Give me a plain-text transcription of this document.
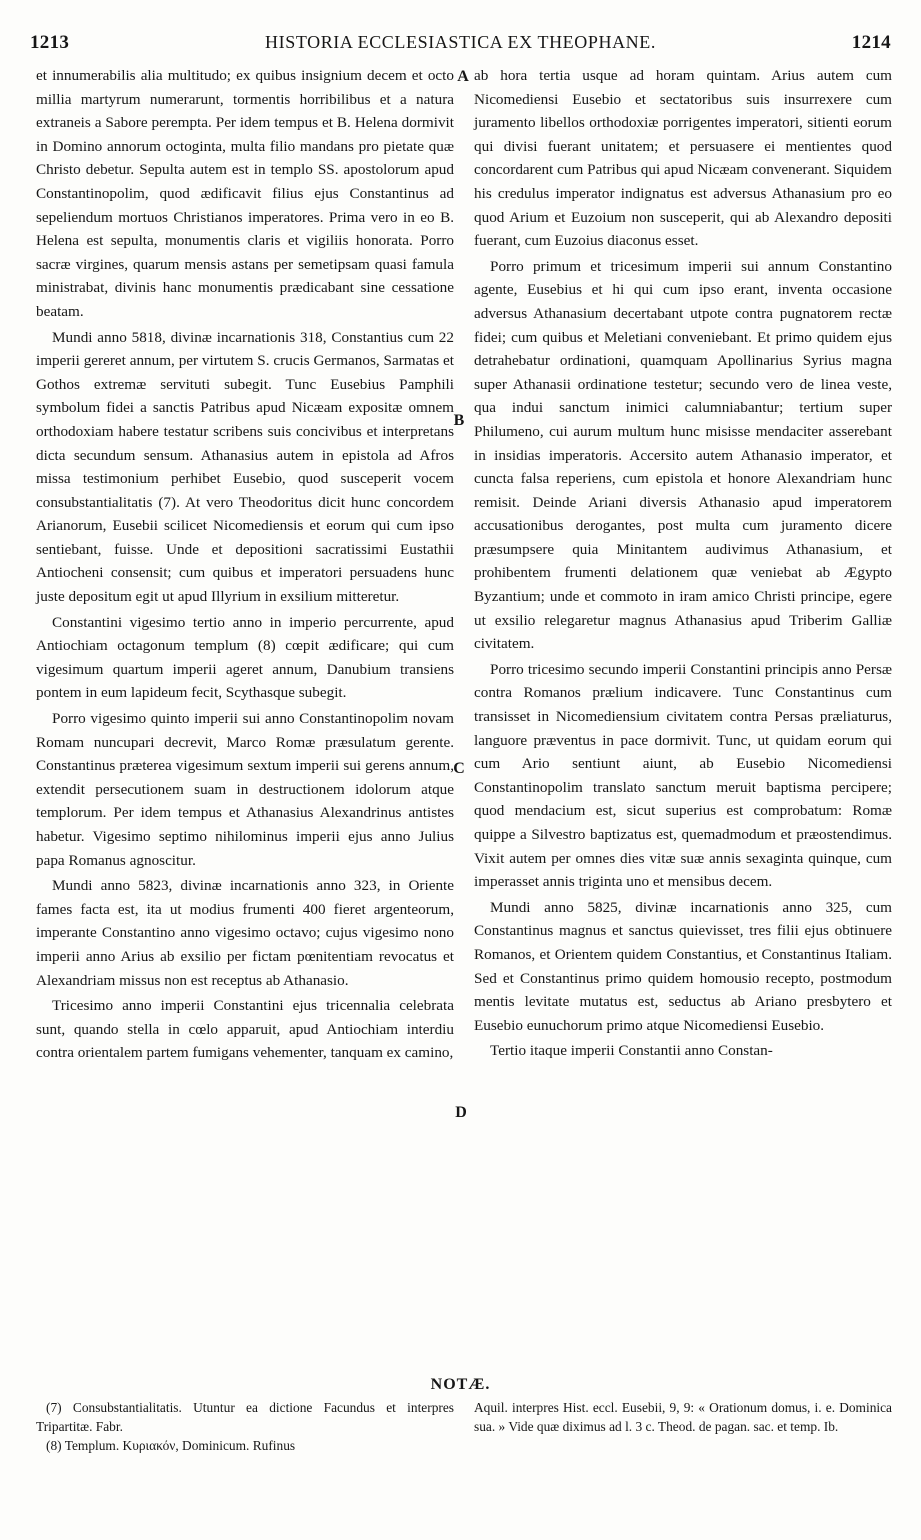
1213	HISTORIA ECCLESIASTICA EX THEOPHANE.	1214

et innumerabilis alia multitudo; ex quibus insignium decem et octo millia martyrum numerarunt, tormentis horribilibus et a natura extraneis a Sabore perempta. Per idem tempus et B. Helena dormivit in Domino annorum octoginta, multa filio mandans pro pietate quæ Christo debetur. Sepulta autem est in templo SS. apostolorum apud Constantinopolim, quod ædificavit filius ejus Constantinus ad sepeliendum mortuos Christianos imperatores. Prima vero in eo B. Helena est sepulta, monumentis claris et vigiliis honorata. Porro sacræ virgines, quarum mensis astans per semetipsam quasi famula ministrabat, divinis hanc monumentis prædicabant sine cessatione beatam.

Mundi anno 5818, divinæ incarnationis 318, Constantius cum 22 imperii gereret annum, per virtutem S. crucis Germanos, Sarmatas et Gothos extremæ servituti subegit. Tunc Eusebius Pamphili symbolum fidei a sanctis Patribus apud Nicæam expositæ omnem orthodoxiam habere testatur scribens suis concivibus et interpretans dicta secundum sensum. Athanasius autem in epistola ad Afros missa testimonium perhibet Eusebio, quod susceperit vocem consubstantialitatis (7). At vero Theodoritus dicit hunc concordem Arianorum, Eusebii scilicet Nicomediensis et eorum qui cum ipso sentiebant, fuisse. Unde et depositioni sacratissimi Eustathii Antiocheni consensit; cum quibus et imperatori persuadens hunc juste depositum egit ut apud Illyrium in exsilium mitteretur.

Constantini vigesimo tertio anno in imperio percurrente, apud Antiochiam octagonum templum (8) cœpit ædificare; qui cum vigesimum quartum imperii ageret annum, Danubium transiens pontem in eum lapideum fecit, Scythasque subegit.

Porro vigesimo quinto imperii sui anno Constantinopolim novam Romam nuncupari decrevit, Marco Romæ præsulatum gerente. Constantinus præterea vigesimum sextum imperii sui gerens annum, extendit persecutionem suam in destructionem idolorum atque templorum. Per idem tempus et Athanasius Alexandrinus antistes habetur. Vigesimo septimo nihilominus imperii ejus anno Julius papa Romanus agnoscitur.

Mundi anno 5823, divinæ incarnationis anno 323, in Oriente fames facta est, ita ut modius frumenti 400 fieret argenteorum, imperante Constantino anno vigesimo octavo; cujus vigesimo nono imperii anno Arius ab exsilio per fictam pœnitentiam revocatus et Alexandriam missus non est receptus ab Athanasio.

Tricesimo anno imperii Constantini ejus tricennalia celebrata sunt, quando stella in cœlo apparuit, apud Antiochiam interdiu contra orientalem partem fumigans vehementer, tanquam ex camino,

A
B
C
D

ab hora tertia usque ad horam quintam. Arius autem cum Nicomediensi Eusebio et sectatoribus suis insurrexere cum juramento libellos orthodoxiæ porrigentes imperatori, sitienti eorum qui divisi fuerant unitatem; et persuasere ei mentientes quod concordarent cum Patribus qui apud Nicæam convenerant. Siquidem his credulus imperator indignatus est adversus Athanasium pro eo quod Arium et Euzoium non susceperit, qui ab Alexandro depositi fuerant, cum Euzoius diaconus esset.

Porro primum et tricesimum imperii sui annum Constantino agente, Eusebius et hi qui cum ipso erant, inventa occasione adversus Athanasium decertabant utpote contra pugnatorem rectæ fidei; cum quibus et Meletiani conveniebant. Et primo quidem ejus detrahebatur ordinationi, quamquam Apollinarius Syrius magna super Athanasii ordinatione testetur; secundo vero de linea veste, qua indui sanctum inimici calumniabantur; tertium super Philumeno, cui aurum multum hunc misisse mendaciter asserebant in insidias imperatoris. Accersito autem Athanasio imperator, et cuncta falsa reperiens, cum epistola et honore Alexandriam hunc remisit. Deinde Ariani diversis Athanasio apud imperatorem accusationibus derogantes, post multa cum juramento dicere præsumpsere quia Minitantem audivimus Athanasium, et prohibentem frumenti delationem quæ veniebat ab Ægypto Byzantium; unde et commoto in iram amico Christi principe, egere ut exsilio relegaretur magnus Athanasius apud Triberim Galliæ civitatem.

Porro tricesimo secundo imperii Constantini principis anno Persæ contra Romanos prælium indicavere. Tunc Constantinus cum transisset in Nicomediensium civitatem contra Persas præliaturus, languore præventus in pace dormivit. Tunc, ut quidam eorum qui cum Ario sentiunt aiunt, ab Eusebio Nicomediensi Constantinopolim translato sanctum meruit baptisma percipere; quod mendacium est, sicut superius est comprobatum: Romæ quippe a Silvestro baptizatus est, quemadmodum et præostendimus. Vixit autem per omnes dies vitæ suæ annis sexaginta quinque, cum imperasset annis triginta uno et mensibus decem.

Mundi anno 5825, divinæ incarnationis anno 325, cum Constantinus magnus et sanctus quievisset, tres filii ejus obtinuere Romanos, et Orientem quidem Constantius, et Constantinus Italiam. Sed et Constantinus primo quidem homousio recepto, postmodum mentis levitate mutatus est, seductus ab Ariano presbytero et Eusebio eunuchorum primo atque Nicomediensi Eusebio.

Tertio itaque imperii Constantii anno Constan-

NOTÆ.

(7) Consubstantialitatis. Utuntur ea dictione Facundus et interpres Tripartitæ. Fabr.

(8) Templum. Κυριακόν, Dominicum. Rufinus

Aquil. interpres Hist. eccl. Eusebii, 9, 9: « Orationum domus, i. e. Dominica sua. » Vide quæ diximus ad l. 3 c. Theod. de pagan. sac. et temp. Ib.
